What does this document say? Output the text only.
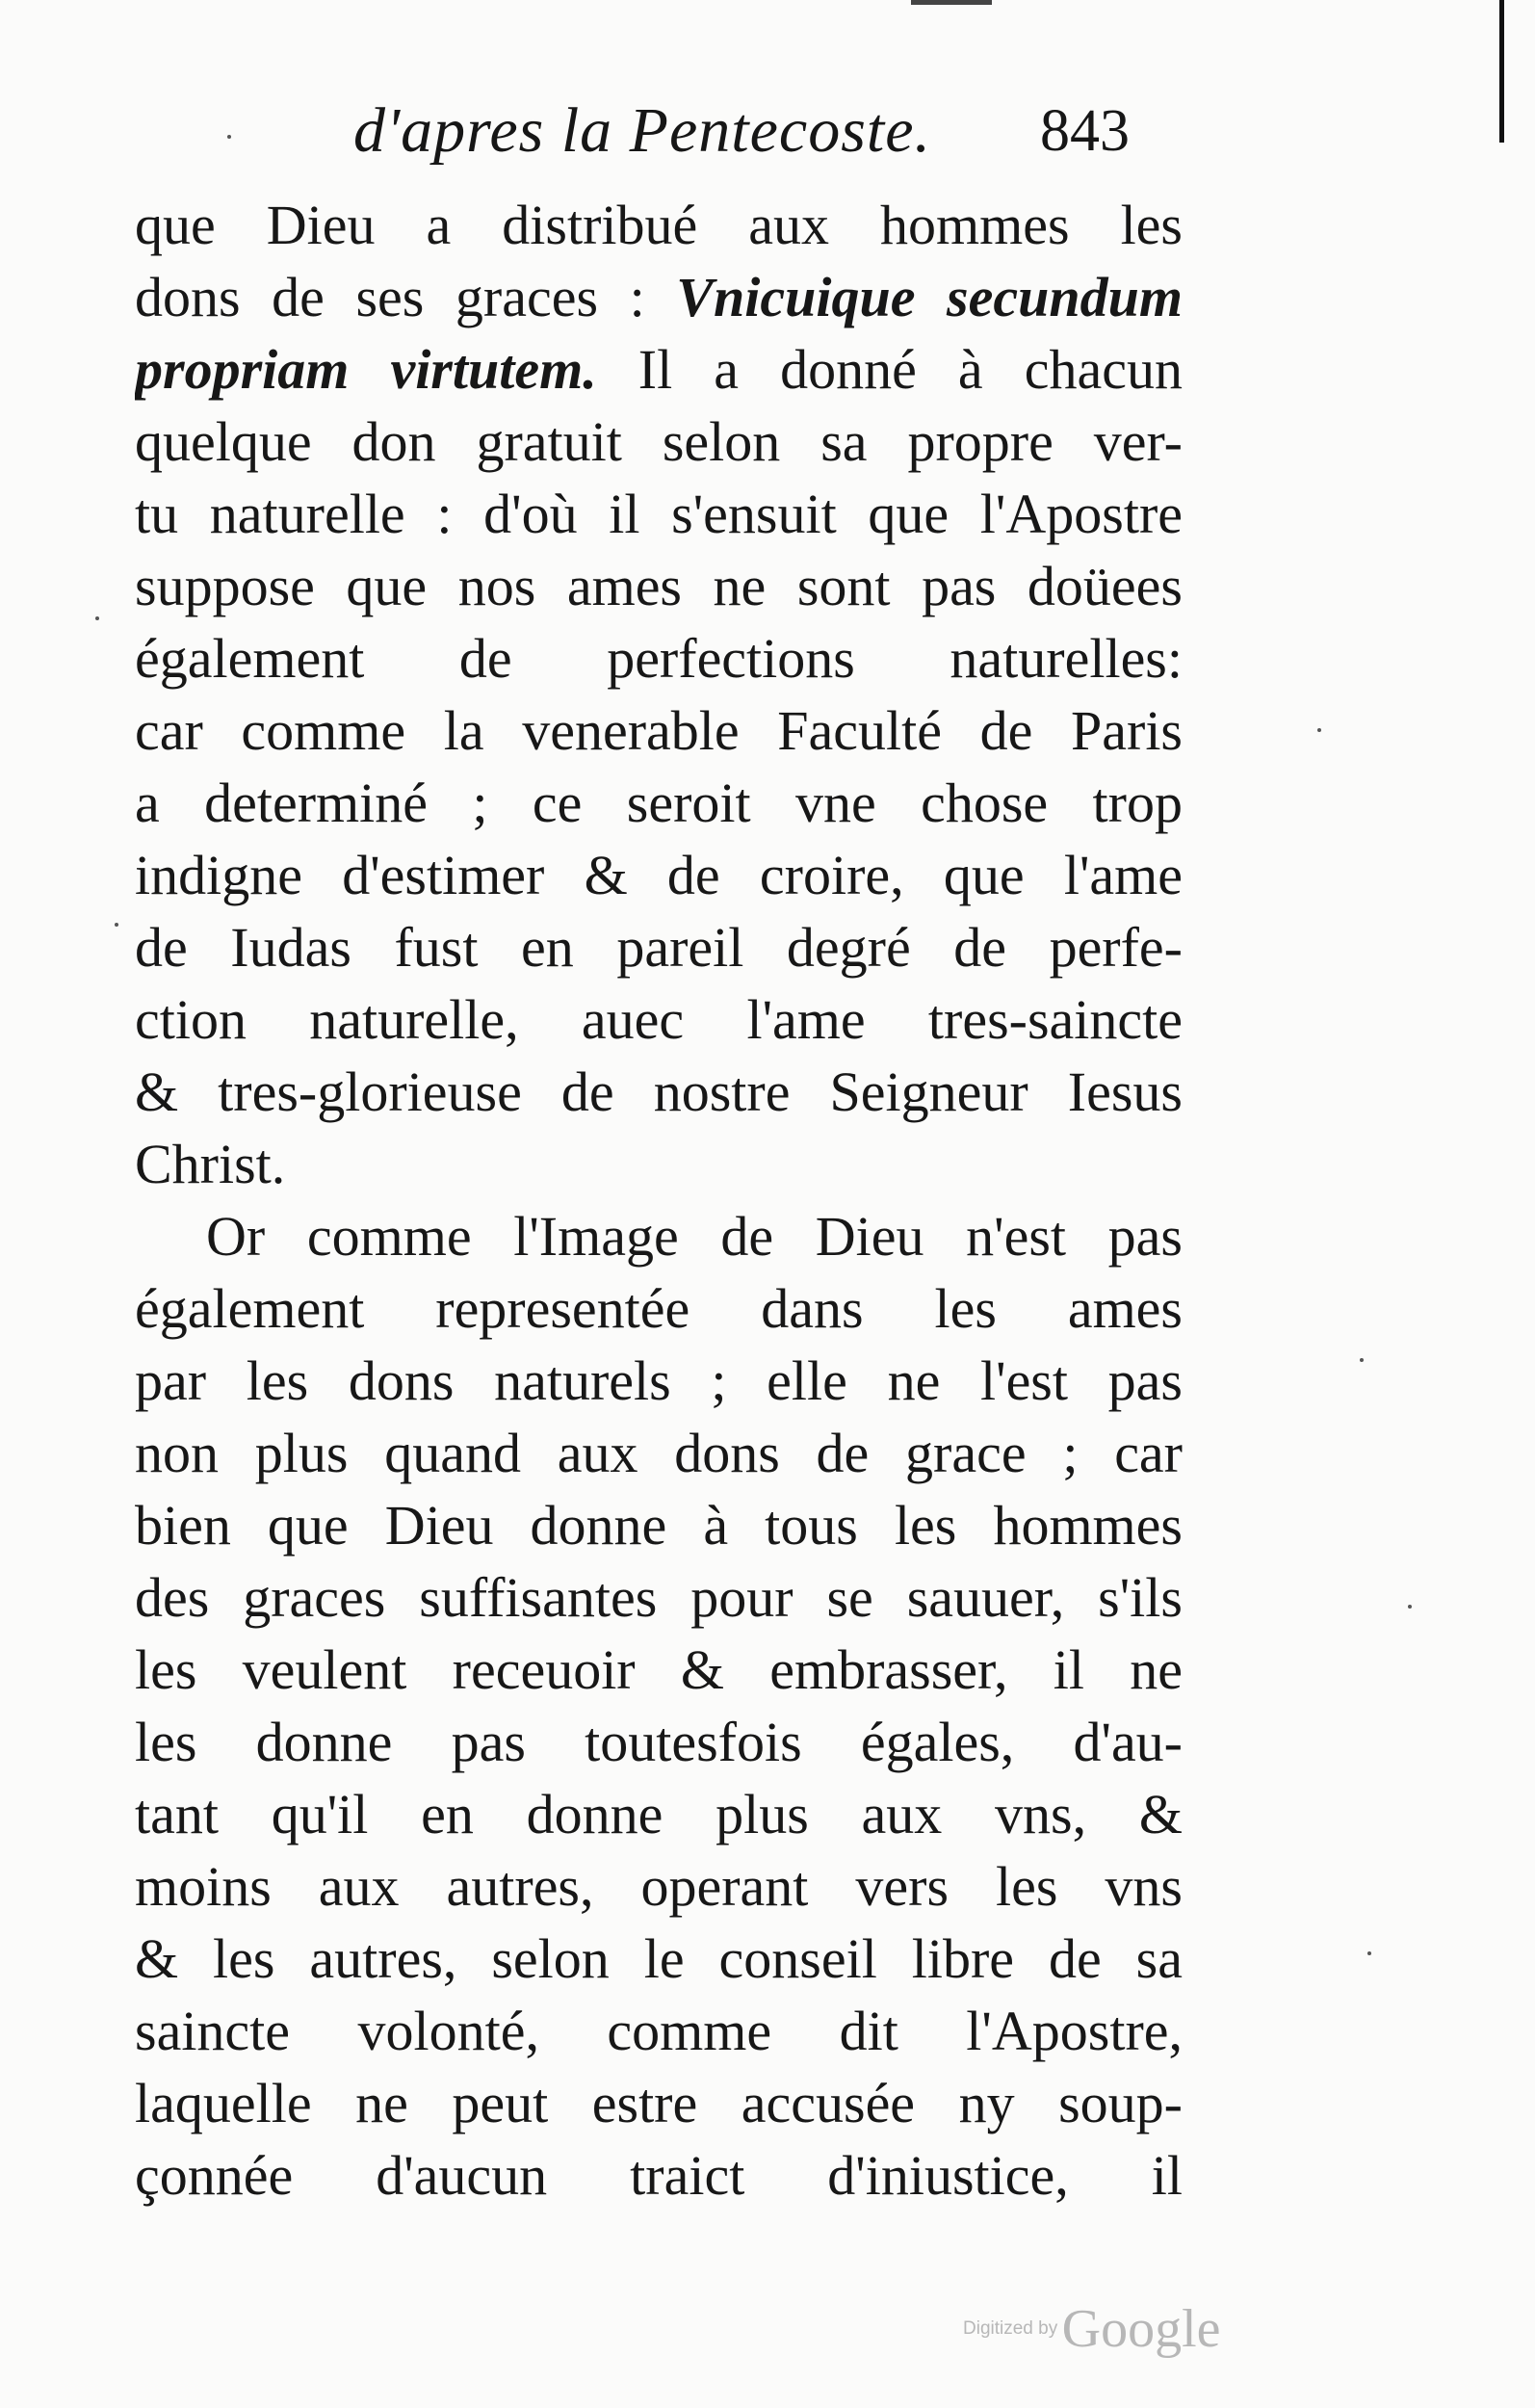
d'apres la Pentecoste. 843
que Dieu a distribué aux hommes les
dons de ses graces : Vnicuique secundum
propriam virtutem. Il a donné à chacun
quelque don gratuit selon sa propre ver-
tu naturelle : d'où il s'ensuit que l'Apostre
suppose que nos ames ne sont pas doüees
également de perfections naturelles:
car comme la venerable Faculté de Paris
a determiné ; ce seroit vne chose trop
indigne d'estimer & de croire, que l'ame
de Iudas fust en pareil degré de perfe-
ction naturelle, auec l'ame tres-saincte
& tres-glorieuse de nostre Seigneur Iesus
Christ.
Or comme l'Image de Dieu n'est pas
également representée dans les ames
par les dons naturels ; elle ne l'est pas
non plus quand aux dons de grace ; car
bien que Dieu donne à tous les hommes
des graces suffisantes pour se sauuer, s'ils
les veulent receuoir & embrasser, il ne
les donne pas toutesfois égales, d'au-
tant qu'il en donne plus aux vns, &
moins aux autres, operant vers les vns
& les autres, selon le conseil libre de sa
saincte volonté, comme dit l'Apostre,
laquelle ne peut estre accusée ny soup-
çonnée d'aucun traict d'iniustice, il
Digitized by Google
